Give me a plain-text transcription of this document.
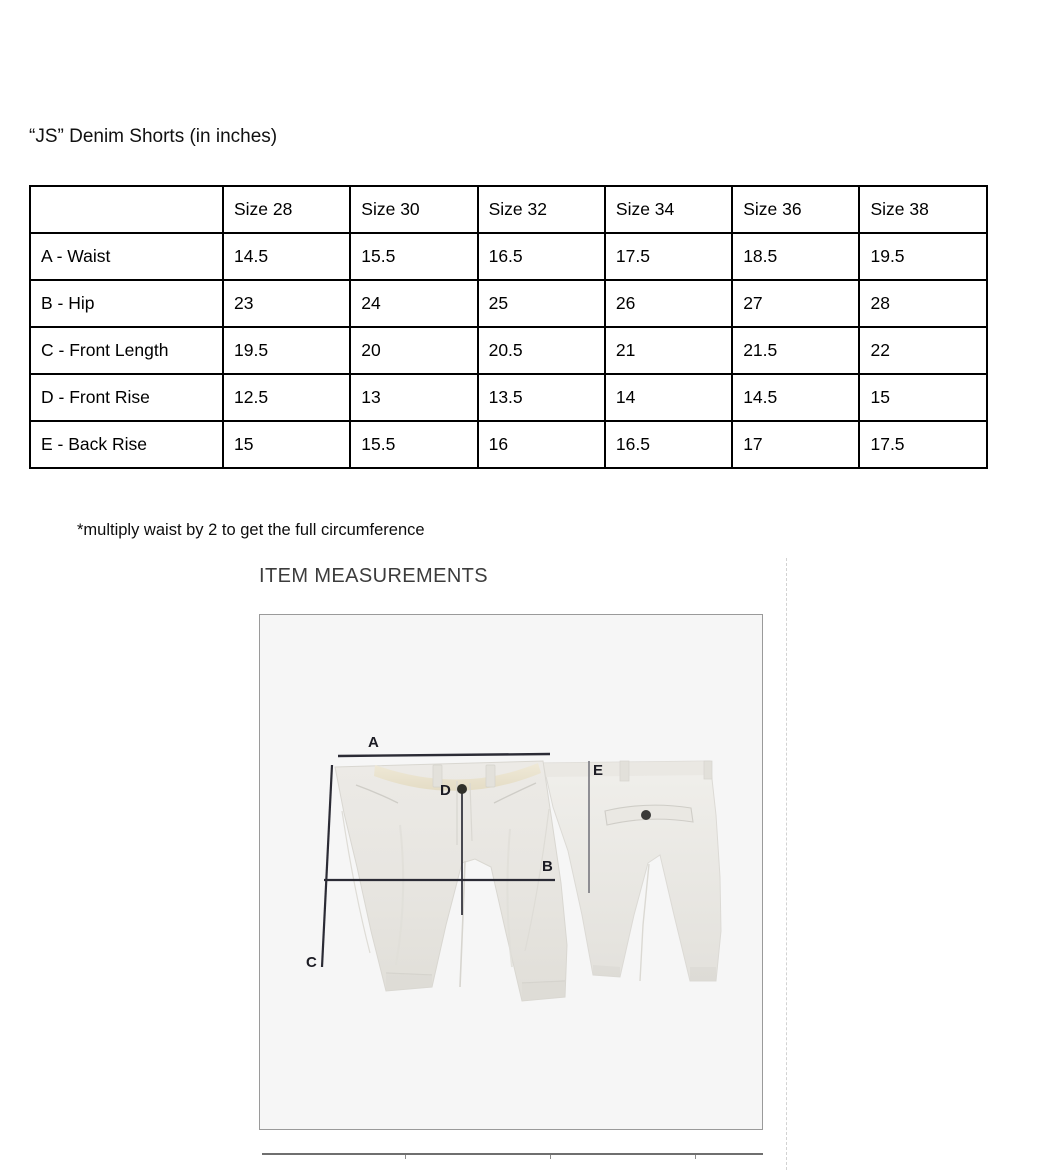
“JS” Denim Shorts (in inches)
	Size 28	Size 30	Size 32	Size 34	Size 36	Size 38
A - Waist	14.5	15.5	16.5	17.5	18.5	19.5
B - Hip	23	24	25	26	27	28
C - Front Length	19.5	20	20.5	21	21.5	22
D - Front Rise	12.5	13	13.5	14	14.5	15
E - Back Rise	15	15.5	16	16.5	17	17.5
*multiply waist by 2 to get the full circumference
ITEM MEASUREMENTS
A
C
D
B
E
